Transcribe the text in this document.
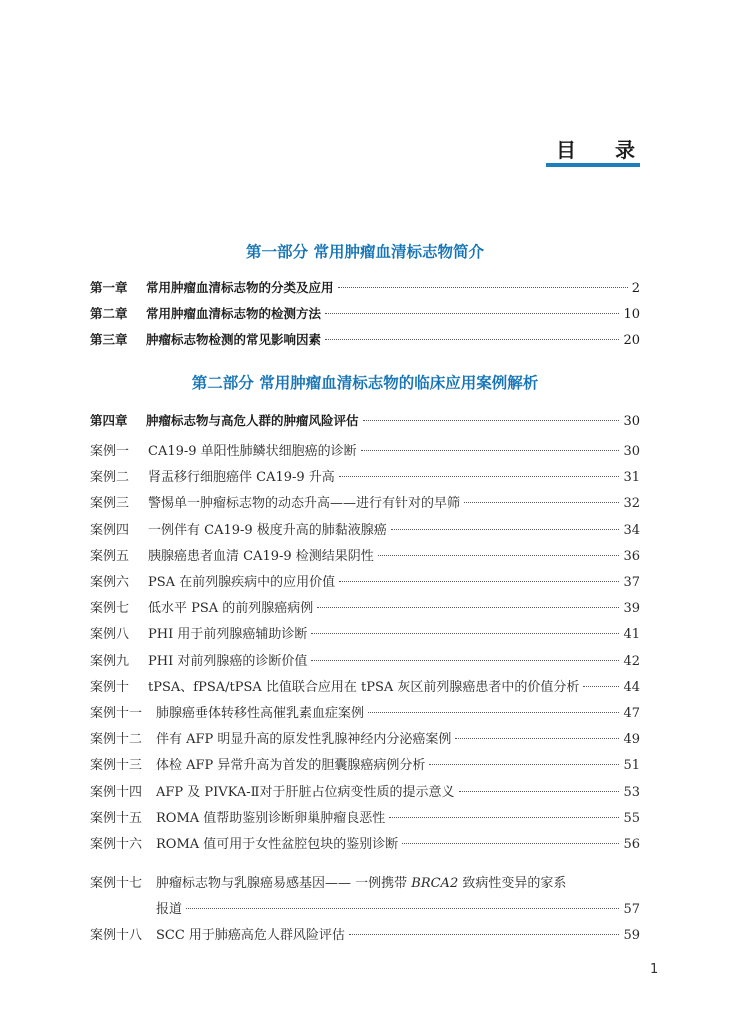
目 录
第一部分 常用肿瘤血清标志物简介
第一章	常用肿瘤血清标志物的分类及应用	2
第二章	常用肿瘤血清标志物的检测方法	10
第三章	肿瘤标志物检测的常见影响因素	20
第二部分 常用肿瘤血清标志物的临床应用案例解析
第四章	肿瘤标志物与高危人群的肿瘤风险评估	30
案例一	CA19-9 单阳性肺鳞状细胞癌的诊断	30
案例二	肾盂移行细胞癌伴 CA19-9 升高	31
案例三	警惕单一肿瘤标志物的动态升高——进行有针对的早筛	32
案例四	一例伴有 CA19-9 极度升高的肺黏液腺癌	34
案例五	胰腺癌患者血清 CA19-9 检测结果阴性	36
案例六	PSA 在前列腺疾病中的应用价值	37
案例七	低水平 PSA 的前列腺癌病例	39
案例八	PHI 用于前列腺癌辅助诊断	41
案例九	PHI 对前列腺癌的诊断价值	42
案例十	tPSA、fPSA/tPSA 比值联合应用在 tPSA 灰区前列腺癌患者中的价值分析	44
案例十一	肺腺癌垂体转移性高催乳素血症案例	47
案例十二	伴有 AFP 明显升高的原发性乳腺神经内分泌癌案例	49
案例十三	体检 AFP 异常升高为首发的胆囊腺癌病例分析	51
案例十四	AFP 及 PIVKA-Ⅱ对于肝脏占位病变性质的提示意义	53
案例十五	ROMA 值帮助鉴别诊断卵巢肿瘤良恶性	55
案例十六	ROMA 值可用于女性盆腔包块的鉴别诊断	56
案例十七	肿瘤标志物与乳腺癌易感基因—— 一例携带 BRCA2 致病性变异的家系
报道	57
案例十八	SCC 用于肺癌高危人群风险评估	59
1
